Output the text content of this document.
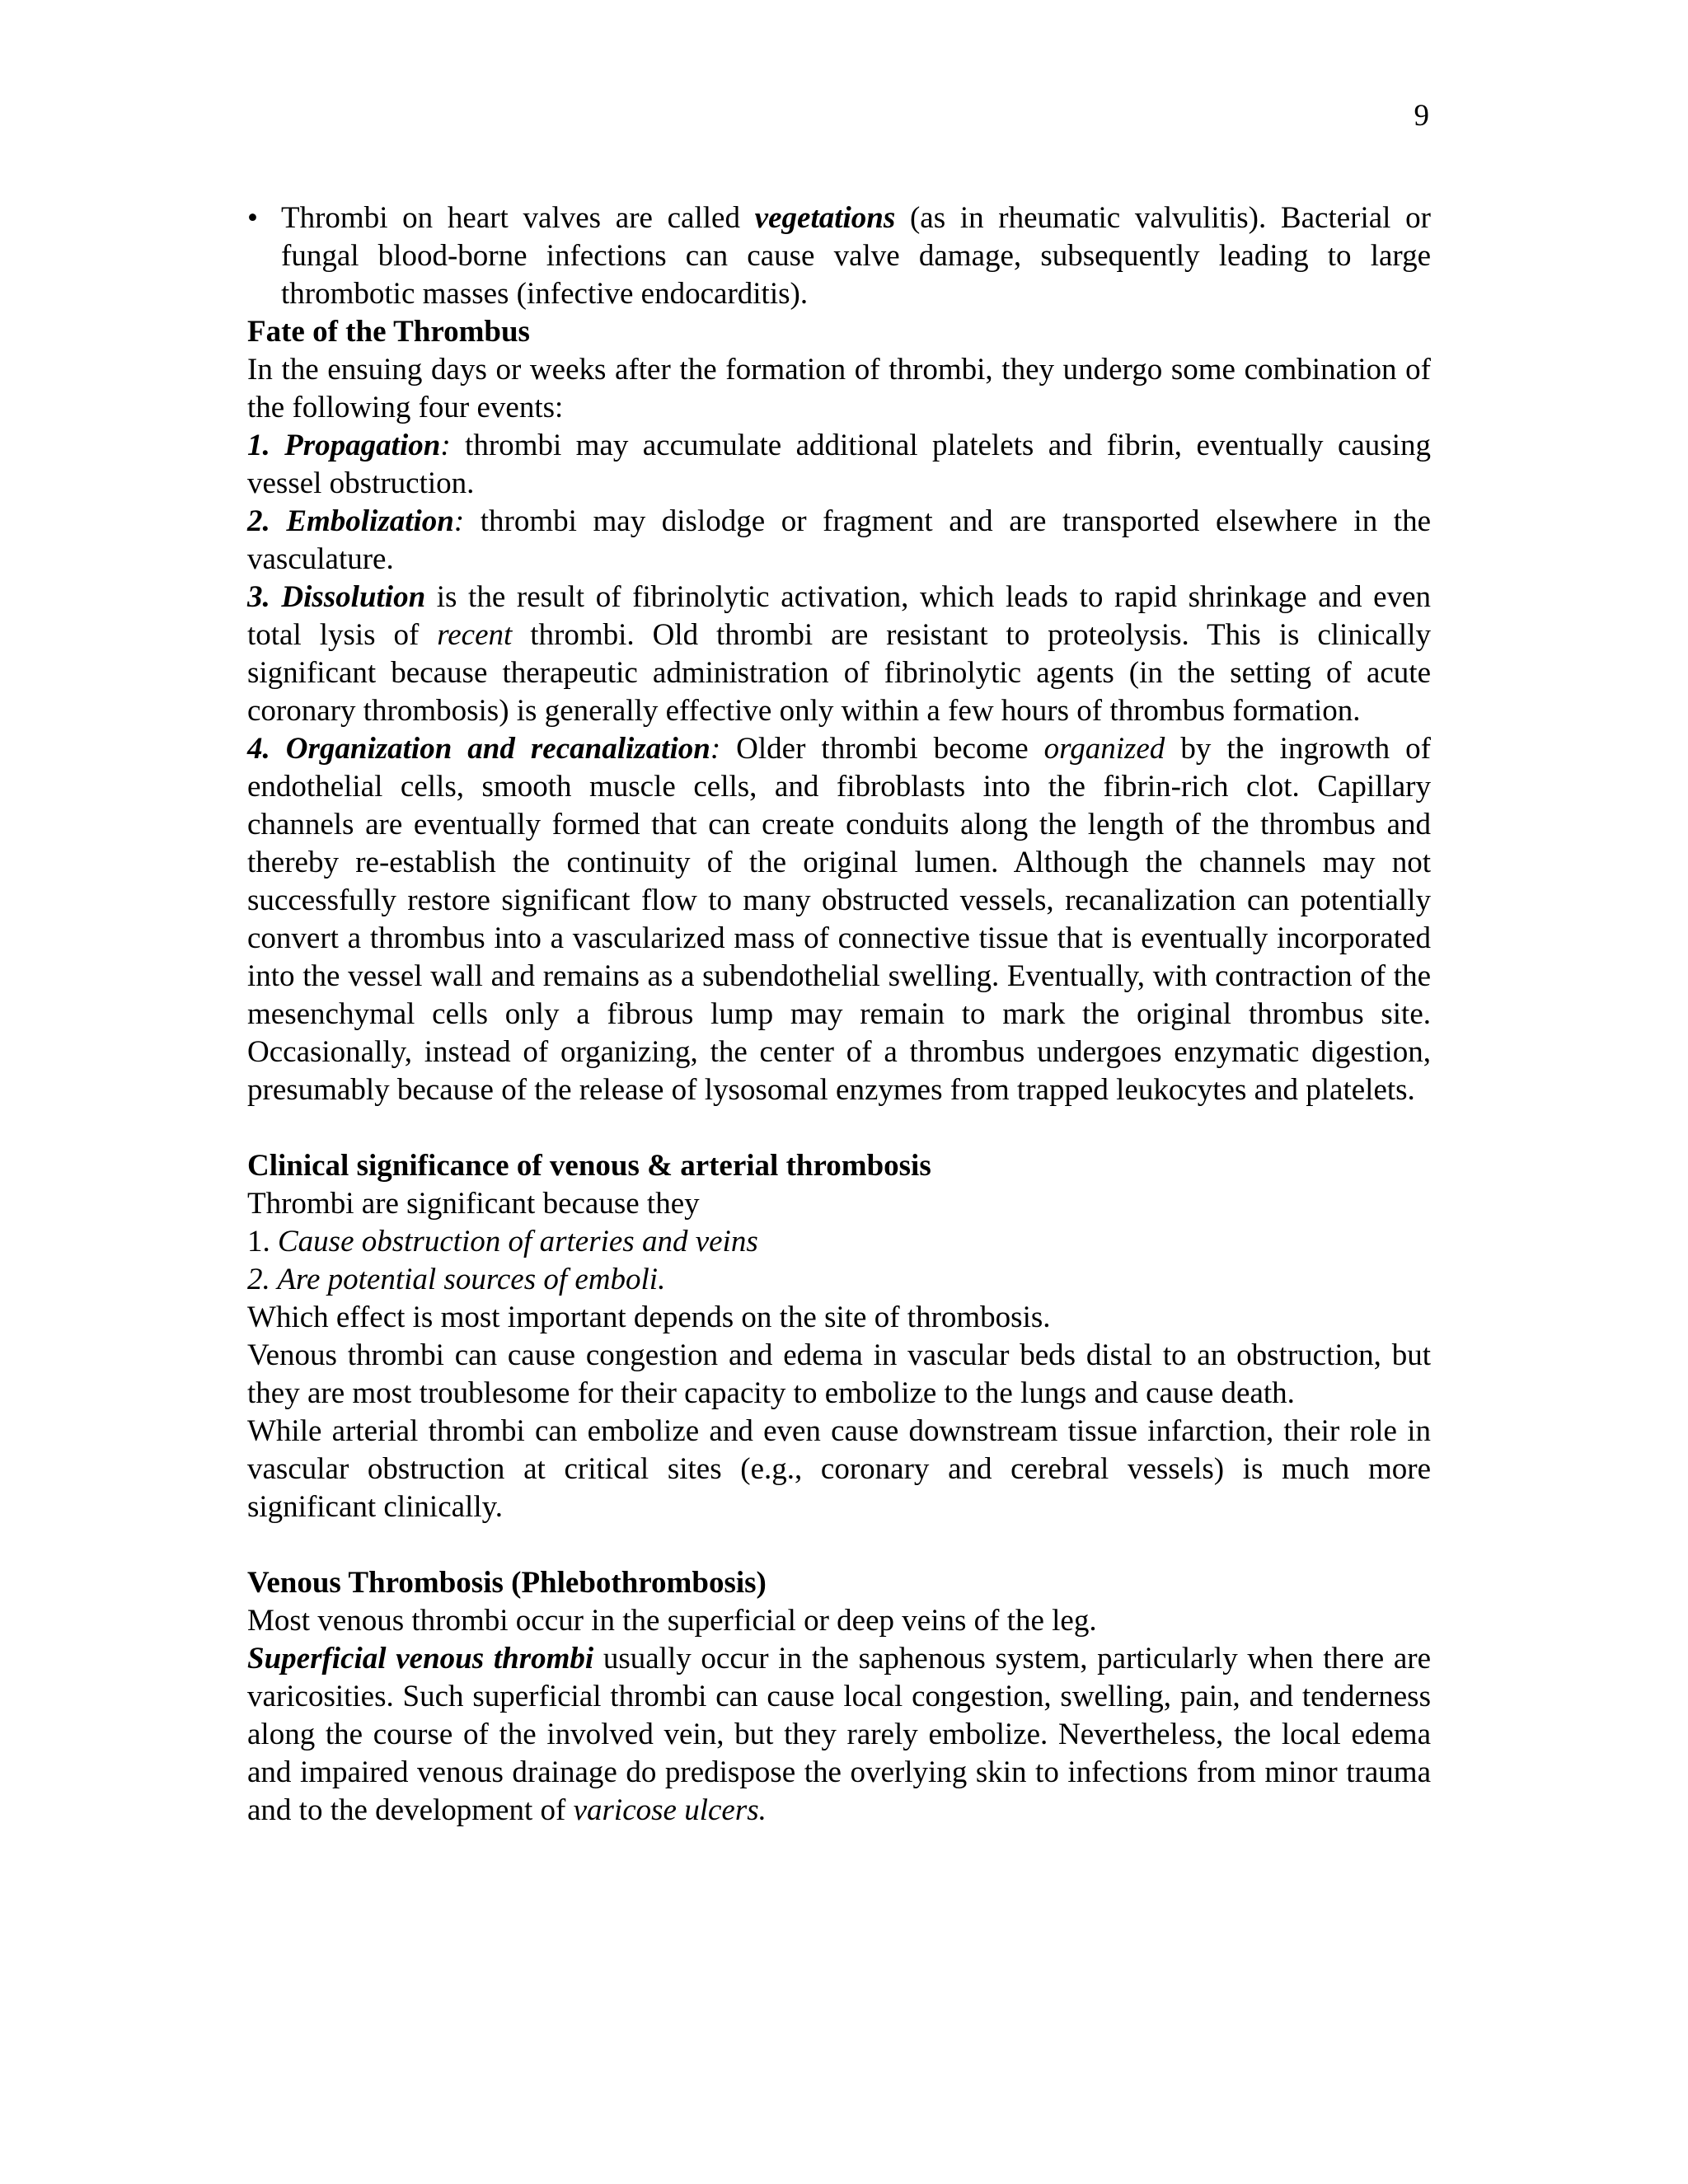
9

• Thrombi on heart valves are called vegetations (as in rheumatic valvulitis). Bacterial or fungal blood-borne infections can cause valve damage, subsequently leading to large thrombotic masses (infective endocarditis).

Fate of the Thrombus

In the ensuing days or weeks after the formation of thrombi, they undergo some combination of the following four events:

1. Propagation: thrombi may accumulate additional platelets and fibrin, eventually causing vessel obstruction.

2. Embolization: thrombi may dislodge or fragment and are transported elsewhere in the vasculature.

3. Dissolution is the result of fibrinolytic activation, which leads to rapid shrinkage and even total lysis of recent thrombi. Old thrombi are resistant to proteolysis. This is clinically significant because therapeutic administration of fibrinolytic agents (in the setting of acute coronary thrombosis) is generally effective only within a few hours of thrombus formation.

4. Organization and recanalization: Older thrombi become organized by the ingrowth of endothelial cells, smooth muscle cells, and fibroblasts into the fibrin-rich clot. Capillary channels are eventually formed that can create conduits along the length of the thrombus and thereby re-establish the continuity of the original lumen. Although the channels may not successfully restore significant flow to many obstructed vessels, recanalization can potentially convert a thrombus into a vascularized mass of connective tissue that is eventually incorporated into the vessel wall and remains as a subendothelial swelling. Eventually, with contraction of the mesenchymal cells only a fibrous lump may remain to mark the original thrombus site. Occasionally, instead of organizing, the center of a thrombus undergoes enzymatic digestion, presumably because of the release of lysosomal enzymes from trapped leukocytes and platelets.

Clinical significance of venous & arterial thrombosis

Thrombi are significant because they

1. Cause obstruction of arteries and veins

2. Are potential sources of emboli.

Which effect is most important depends on the site of thrombosis.

Venous thrombi can cause congestion and edema in vascular beds distal to an obstruction, but they are most troublesome for their capacity to embolize to the lungs and cause death.

While arterial thrombi can embolize and even cause downstream tissue infarction, their role in vascular obstruction at critical sites (e.g., coronary and cerebral vessels) is much more significant clinically.

Venous Thrombosis (Phlebothrombosis)

Most venous thrombi occur in the superficial or deep veins of the leg.

Superficial venous thrombi usually occur in the saphenous system, particularly when there are varicosities. Such superficial thrombi can cause local congestion, swelling, pain, and tenderness along the course of the involved vein, but they rarely embolize. Nevertheless, the local edema and impaired venous drainage do predispose the overlying skin to infections from minor trauma and to the development of varicose ulcers.
